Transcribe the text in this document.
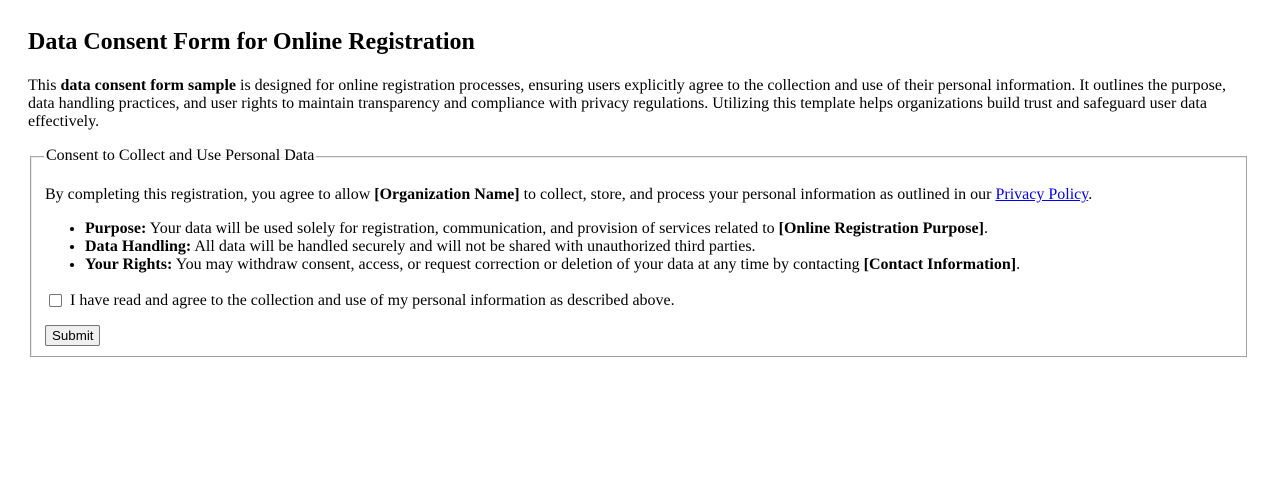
Data Consent Form for Online Registration

This data consent form sample is designed for online registration processes, ensuring users explicitly agree to the collection and use of their personal information. It outlines the purpose, data handling practices, and user rights to maintain transparency and compliance with privacy regulations. Utilizing this template helps organizations build trust and safeguard user data effectively.

Consent to Collect and Use Personal Data

By completing this registration, you agree to allow [Organization Name] to collect, store, and process your personal information as outlined in our Privacy Policy.

• Purpose: Your data will be used solely for registration, communication, and provision of services related to [Online Registration Purpose].
• Data Handling: All data will be handled securely and will not be shared with unauthorized third parties.
• Your Rights: You may withdraw consent, access, or request correction or deletion of your data at any time by contacting [Contact Information].
I have read and agree to the collection and use of my personal information as described above.
Submit
